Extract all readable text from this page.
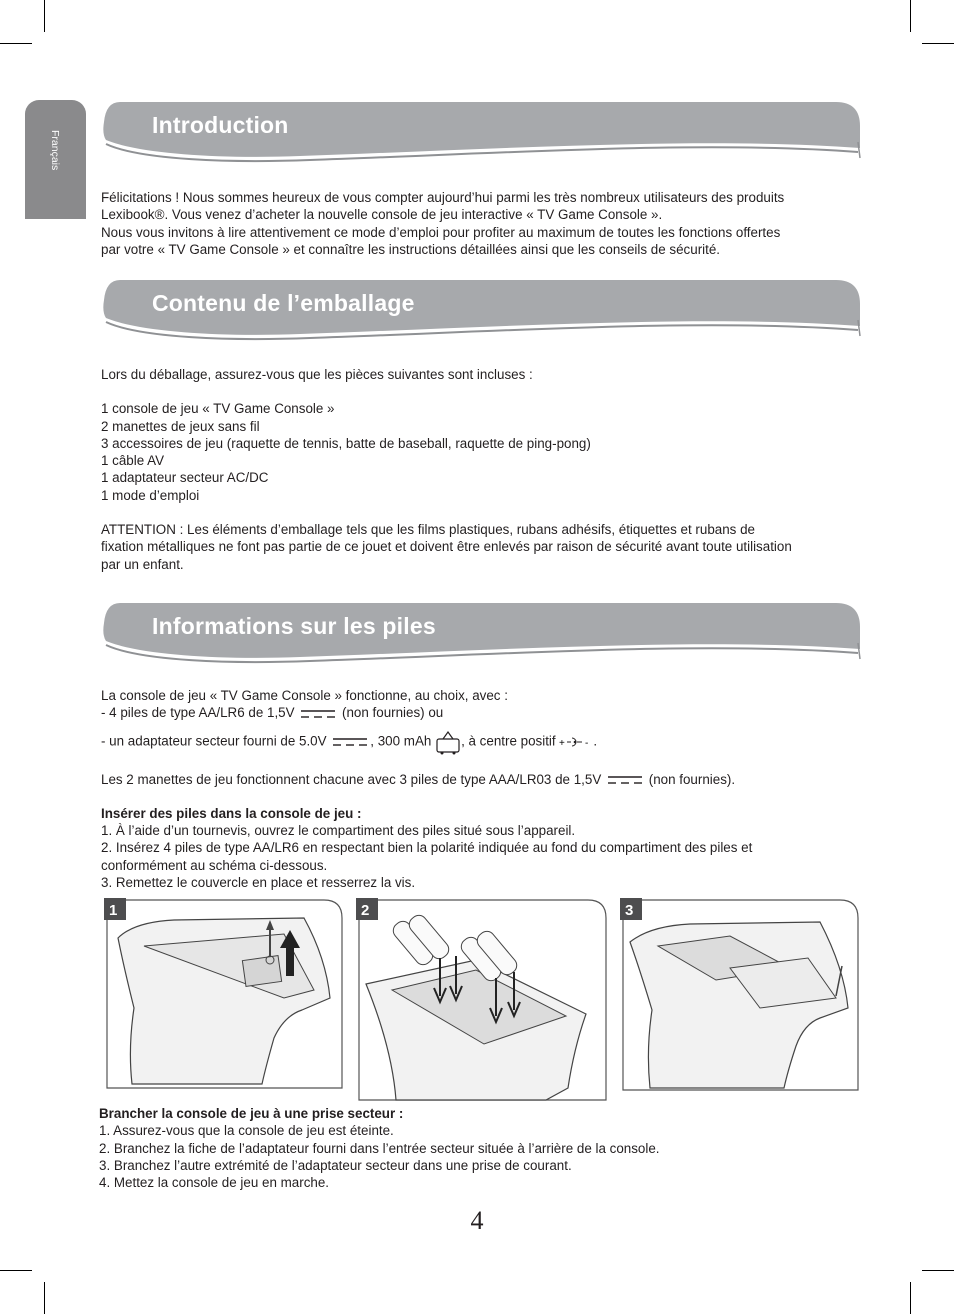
Français
Introduction

Félicitations ! Nous sommes heureux de vous compter aujourd’hui parmi les très nombreux utilisateurs des produits

Lexibook®. Vous venez d’acheter la nouvelle console de jeu interactive « TV Game Console ».

Nous vous invitons à lire attentivement ce mode d’emploi pour profiter au maximum de toutes les fonctions offertes

par votre « TV Game Console » et connaître les instructions détaillées ainsi que les conseils de sécurité.

Contenu de l’emballage

Lors du déballage, assurez-vous que les pièces suivantes sont incluses :

1 console de jeu « TV Game Console »

2 manettes de jeux sans fil

3 accessoires de jeu (raquette de tennis, batte de baseball, raquette de ping-pong)

1 câble AV

1 adaptateur secteur AC/DC

1 mode d’emploi

ATTENTION : Les éléments d’emballage tels que les films plastiques, rubans adhésifs, étiquettes et rubans de

fixation métalliques ne font pas partie de ce jouet et doivent être enlevés par raison de sécurité avant toute utilisation

par un enfant.

Informations sur les piles

La console de jeu « TV Game Console » fonctionne, au choix, avec :

- 4 piles de type AA/LR6 de 1,5V	(non fournies) ou

- un adaptateur secteur fourni de 5.0V	, 300 mAh , à centre positif + - .

Les 2 manettes de jeu fonctionnent chacune avec 3 piles de type AAA/LR03 de 1,5V	(non fournies).

Insérer des piles dans la console de jeu :

1. À l’aide d’un tournevis, ouvrez le compartiment des piles situé sous l’appareil.

2. Insérez 4 piles de type AA/LR6 en respectant bien la polarité indiquée au fond du compartiment des piles et

conformément au schéma ci-dessous.

3. Remettez le couvercle en place et resserrez la vis.

1	2	3

Brancher la console de jeu à une prise secteur :

1. Assurez-vous que la console de jeu est éteinte.

2. Branchez la fiche de l’adaptateur fourni dans l’entrée secteur située à l’arrière de la console.

3. Branchez l’autre extrémité de l’adaptateur secteur dans une prise de courant.

4. Mettez la console de jeu en marche.

4
